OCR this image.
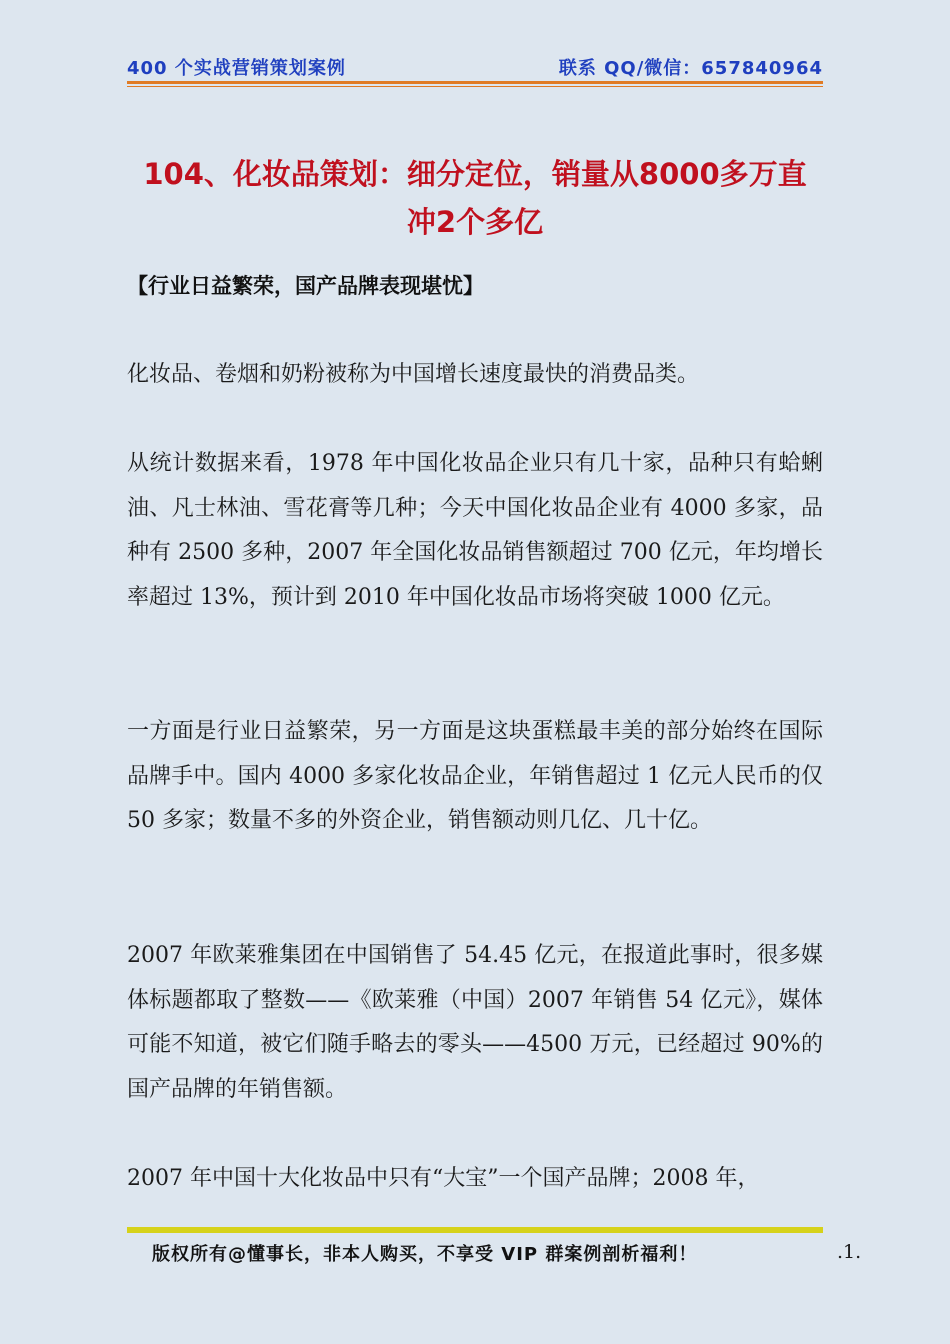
400 个实战营销策划案例	联系 QQ/微信：657840964
104、化妆品策划：细分定位，销量从8000多万直
冲2个多亿
【行业日益繁荣，国产品牌表现堪忧】

化妆品、卷烟和奶粉被称为中国增长速度最快的消费品类。

从统计数据来看，1978 年中国化妆品企业只有几十家，品种只有蛤蜊油、凡士林油、雪花膏等几种；今天中国化妆品企业有 4000 多家，品种有 2500 多种，2007 年全国化妆品销售额超过 700 亿元，年均增长率超过 13%，预计到 2010 年中国化妆品市场将突破 1000 亿元。

一方面是行业日益繁荣，另一方面是这块蛋糕最丰美的部分始终在国际品牌手中。国内 4000 多家化妆品企业，年销售超过 1 亿元人民币的仅 50 多家；数量不多的外资企业，销售额动则几亿、几十亿。

2007 年欧莱雅集团在中国销售了 54.45 亿元，在报道此事时，很多媒体标题都取了整数——《欧莱雅（中国）2007 年销售 54 亿元》，媒体可能不知道，被它们随手略去的零头——4500 万元，已经超过 90%的国产品牌的年销售额。

2007 年中国十大化妆品中只有“大宝”一个国产品牌；2008 年，

版权所有@懂事长，非本人购买，不享受 VIP 群案例剖析福利！	.1.
